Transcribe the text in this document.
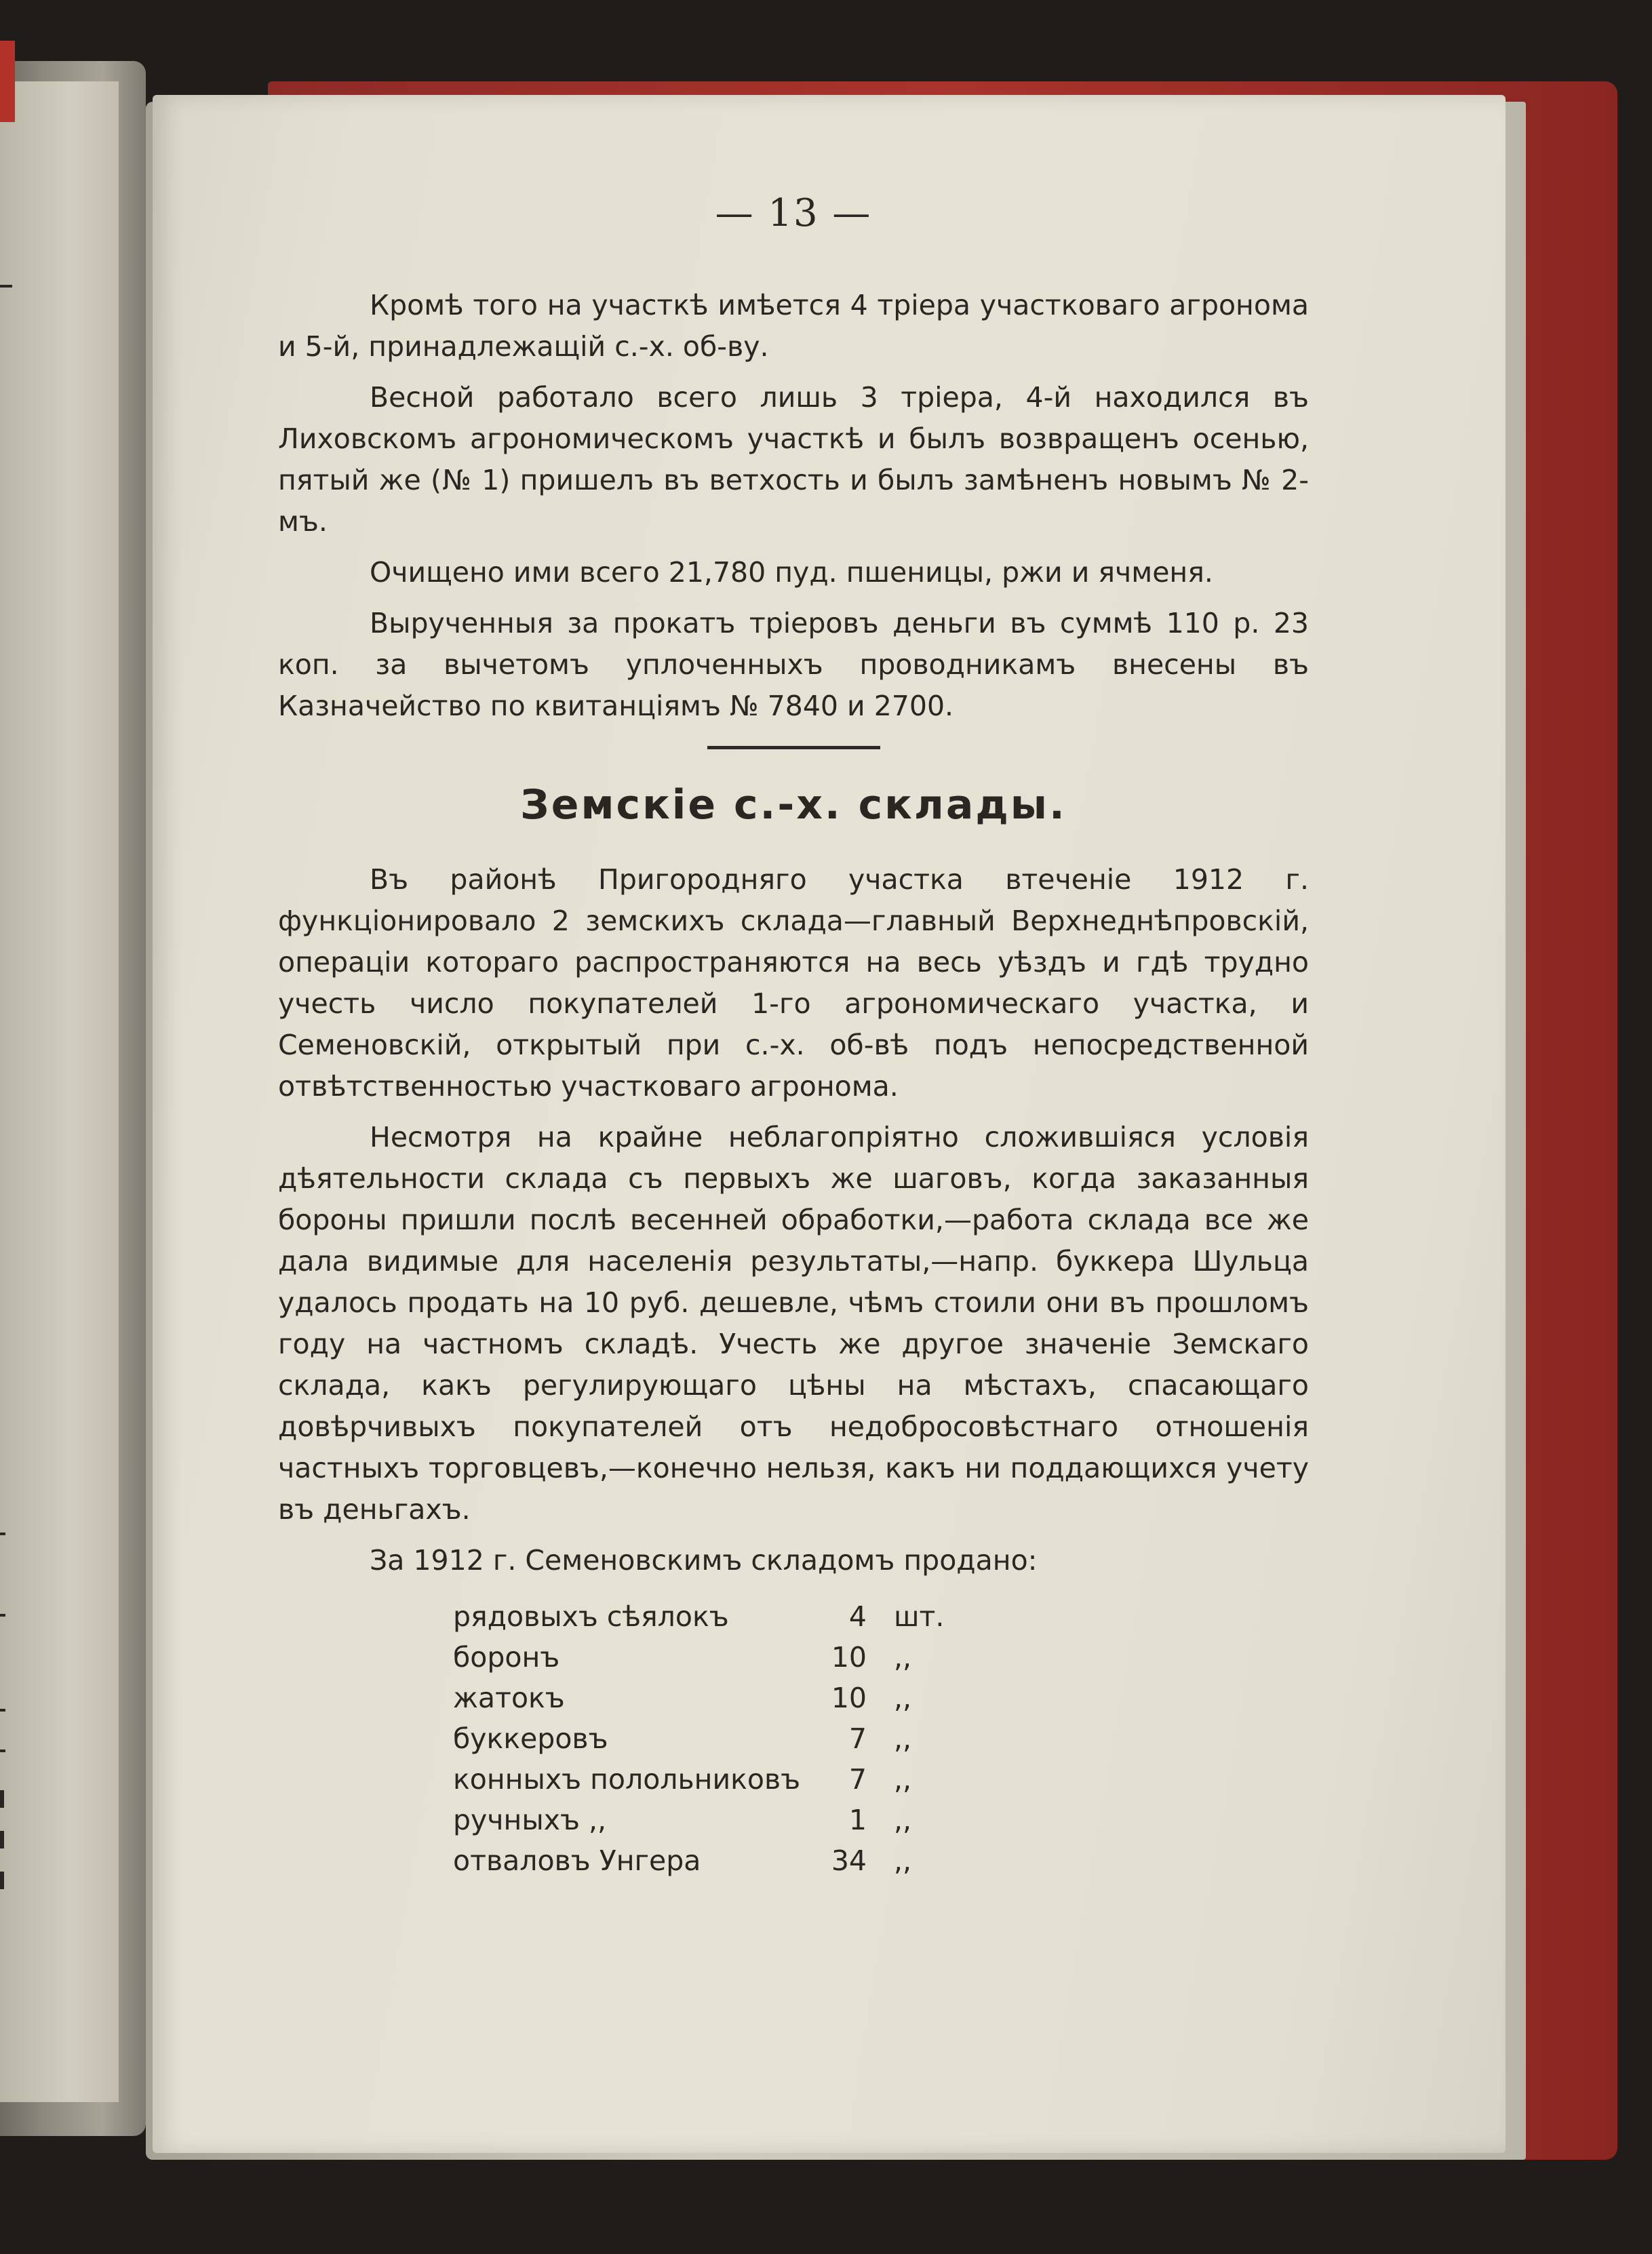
— 13 —

Кромѣ того на участкѣ имѣется 4 тріера участковаго агронома и 5-й, принадлежащій с.-х. об-ву.

Весной работало всего лишь 3 тріера, 4-й находился въ Лиховскомъ агрономическомъ участкѣ и былъ возвращенъ осенью, пятый же (№ 1) пришелъ въ ветхость и былъ замѣненъ новымъ № 2-мъ.

Очищено ими всего 21,780 пуд. пшеницы, ржи и ячменя.

Вырученныя за прокатъ тріеровъ деньги въ суммѣ 110 р. 23 коп. за вычетомъ уплоченныхъ проводникамъ внесены въ Казначейство по квитанціямъ № 7840 и 2700.

Земскіе с.-х. склады.

Въ районѣ Пригороднягo участка втеченіе 1912 г. функціонировало 2 земскихъ склада—главный Верхнеднѣпровскій, операціи котораго распространяются на весь уѣздъ и гдѣ трудно учесть число покупателей 1-го агрономическаго участка, и Семеновскій, открытый при с.-х. об-вѣ подъ непосредственной отвѣтственностью участковаго агронома.

Несмотря на крайне неблагопріятно сложившіяся условія дѣятельности склада съ первыхъ же шаговъ, когда заказанныя бороны пришли послѣ весенней обработки,—работа склада все же дала видимые для населенія результаты,—напр. буккера Шульца удалось продать на 10 руб. дешевле, чѣмъ стоили они въ прошломъ году на частномъ складѣ. Учесть же другое значеніе Земскаго склада, какъ регулирующаго цѣны на мѣстахъ, спасающаго довѣрчивыхъ покупателей отъ недобросовѣстнаго отношенія частныхъ торговцевъ,—конечно нельзя, какъ ни поддающихся учету въ деньгахъ.

За 1912 г. Семеновскимъ складомъ продано:

рядовыхъ сѣялокъ	4	шт.
боронъ	10	,,
жатокъ	10	,,
буккеровъ	7	,,
конныхъ полольниковъ	7	,,
ручныхъ ,,	1	,,
отваловъ Унгера	34	,,
